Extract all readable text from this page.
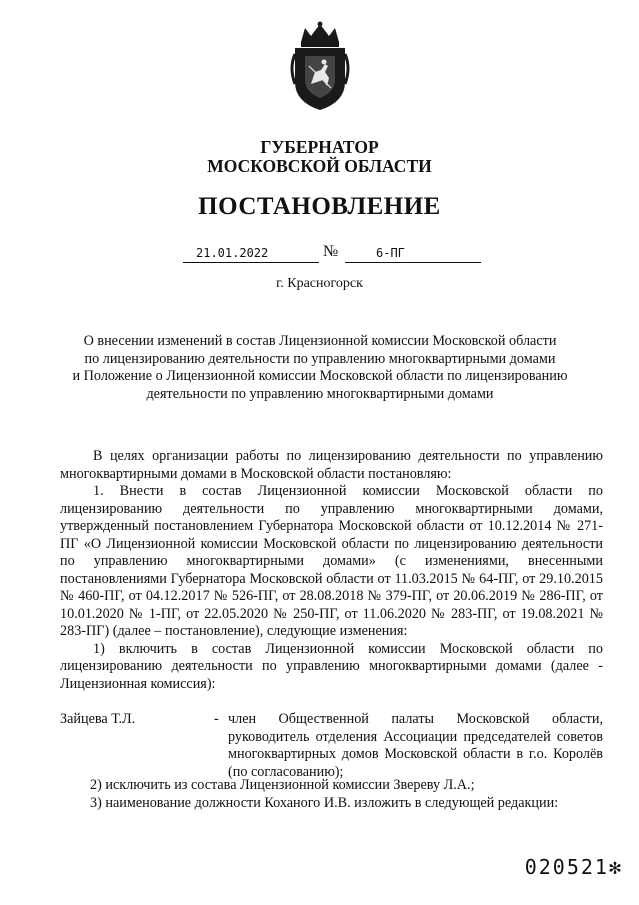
ГУБЕРНАТОР
МОСКОВСКОЙ ОБЛАСТИ
ПОСТАНОВЛЕНИЕ
21.01.2022	№	6-ПГ
г. Красногорск
О внесении изменений в состав Лицензионной комиссии Московской области
по лицензированию деятельности по управлению многоквартирными домами
и Положение о Лицензионной комиссии Московской области по лицензированию
деятельности по управлению многоквартирными домами

В целях организации работы по лицензированию деятельности по управлению многоквартирными домами в Московской области постановляю:

1. Внести в состав Лицензионной комиссии Московской области по лицензированию деятельности по управлению многоквартирными домами, утвержденный постановлением Губернатора Московской области от 10.12.2014 № 271-ПГ «О Лицензионной комиссии Московской области по лицензированию деятельности по управлению многоквартирными домами» (с изменениями, внесенными постановлениями Губернатора Московской области от 11.03.2015 № 64-ПГ, от 29.10.2015 № 460-ПГ, от 04.12.2017 № 526-ПГ, от 28.08.2018 № 379-ПГ, от 20.06.2019 № 286-ПГ, от 10.01.2020 № 1-ПГ, от 22.05.2020 № 250-ПГ, от 11.06.2020 № 283-ПГ, от 19.08.2021 № 283-ПГ) (далее – постановление), следующие изменения:

1) включить в состав Лицензионной комиссии Московской области по лицензированию деятельности по управлению многоквартирными домами (далее - Лицензионная комиссия):

Зайцева Т.Л.	- член Общественной палаты Московской области, руководитель отделения Ассоциации председателей советов многоквартирных домов Московской области в г.о. Королёв (по согласованию);

2) исключить из состава Лицензионной комиссии Звереву Л.А.;

3) наименование должности Коханого И.В. изложить в следующей редакции:

020521✻
